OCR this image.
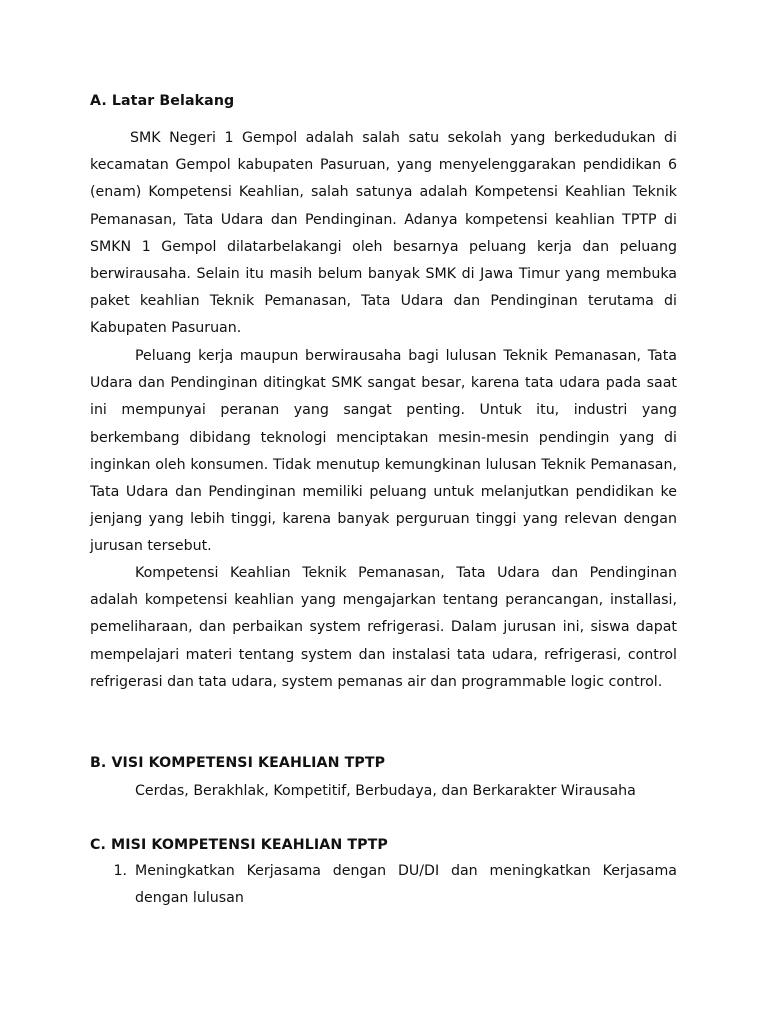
A. Latar Belakang

SMK Negeri 1 Gempol adalah salah satu sekolah yang berkedudukan di kecamatan Gempol kabupaten Pasuruan, yang menyelenggarakan pendidikan 6 (enam) Kompetensi Keahlian, salah satunya adalah Kompetensi Keahlian Teknik Pemanasan, Tata Udara dan Pendinginan. Adanya kompetensi keahlian TPTP di SMKN 1 Gempol dilatarbelakangi oleh besarnya peluang kerja dan peluang berwirausaha. Selain itu masih belum banyak SMK di Jawa Timur yang membuka paket keahlian Teknik Pemanasan, Tata Udara dan Pendinginan terutama di Kabupaten Pasuruan.

Peluang kerja maupun berwirausaha bagi lulusan Teknik Pemanasan, Tata Udara dan Pendinginan ditingkat SMK sangat besar, karena tata udara pada saat ini mempunyai peranan yang sangat penting. Untuk itu, industri yang berkembang dibidang teknologi menciptakan mesin-mesin pendingin yang di inginkan oleh konsumen. Tidak menutup kemungkinan lulusan Teknik Pemanasan, Tata Udara dan Pendinginan memiliki peluang untuk melanjutkan pendidikan ke jenjang yang lebih tinggi, karena banyak perguruan tinggi yang relevan dengan jurusan tersebut.

Kompetensi Keahlian Teknik Pemanasan, Tata Udara dan Pendinginan adalah kompetensi keahlian yang mengajarkan tentang perancangan, installasi, pemeliharaan, dan perbaikan system refrigerasi. Dalam jurusan ini, siswa dapat mempelajari materi tentang system dan instalasi tata udara, refrigerasi, control refrigerasi dan tata udara, system pemanas air dan programmable logic control.

B. VISI KOMPETENSI KEAHLIAN TPTP

Cerdas, Berakhlak, Kompetitif, Berbudaya, dan Berkarakter Wirausaha

C. MISI KOMPETENSI KEAHLIAN TPTP
1. Meningkatkan Kerjasama dengan DU/DI dan meningkatkan Kerjasama dengan lulusan
